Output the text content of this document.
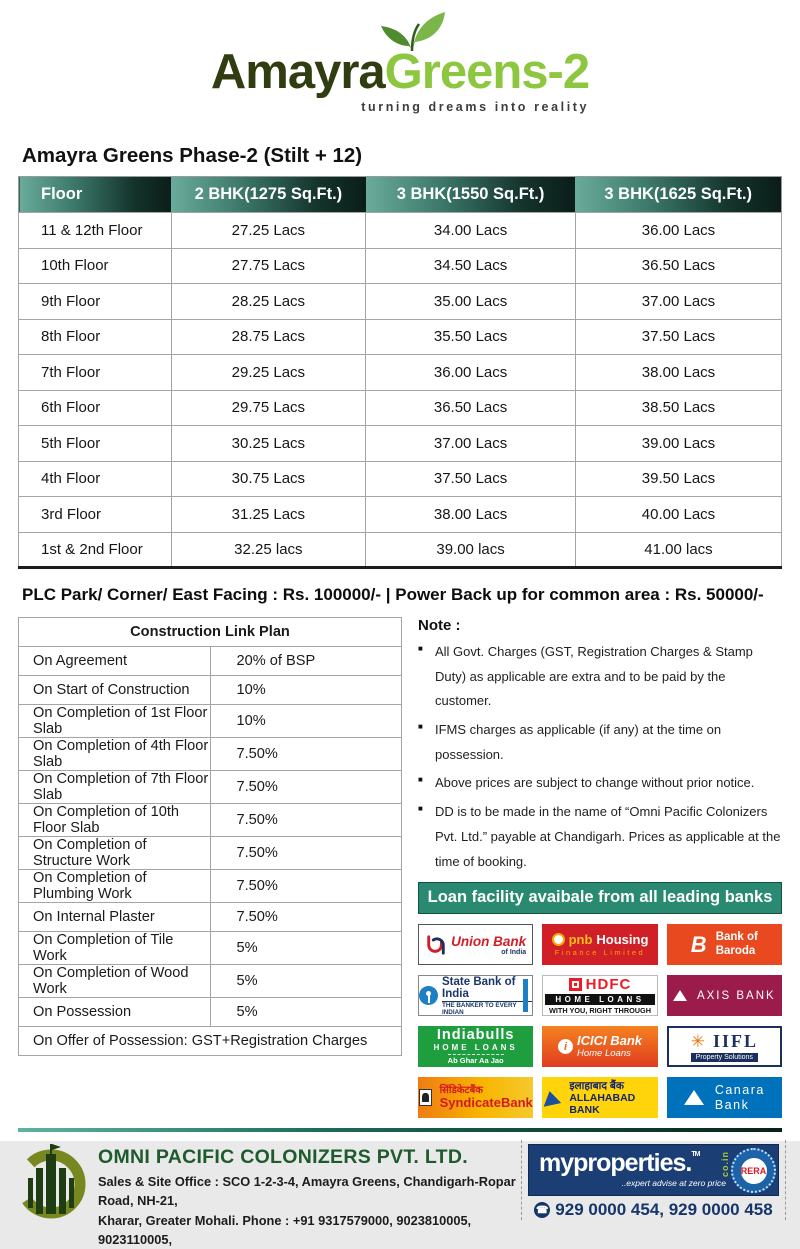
AmayraGreens-2
turning dreams into reality
Amayra Greens Phase-2 (Stilt + 12)
Floor	2 BHK(1275 Sq.Ft.)	3 BHK(1550 Sq.Ft.)	3 BHK(1625 Sq.Ft.)
11 & 12th Floor	27.25 Lacs	34.00 Lacs	36.00 Lacs
10th Floor	27.75 Lacs	34.50 Lacs	36.50 Lacs
9th Floor	28.25 Lacs	35.00 Lacs	37.00 Lacs
8th Floor	28.75 Lacs	35.50 Lacs	37.50 Lacs
7th Floor	29.25 Lacs	36.00 Lacs	38.00 Lacs
6th Floor	29.75 Lacs	36.50 Lacs	38.50 Lacs
5th Floor	30.25 Lacs	37.00 Lacs	39.00 Lacs
4th Floor	30.75 Lacs	37.50 Lacs	39.50 Lacs
3rd Floor	31.25 Lacs	38.00 Lacs	40.00 Lacs
1st & 2nd Floor	32.25 lacs	39.00 lacs	41.00 lacs
PLC Park/ Corner/ East Facing : Rs. 100000/- | Power Back up for common area : Rs. 50000/-
Construction Link Plan	
On Agreement	20% of BSP
On Start of Construction	10%
On Completion of 1st Floor Slab	10%
On Completion of 4th Floor Slab	7.50%
On Completion of 7th Floor Slab	7.50%
On Completion of 10th Floor Slab	7.50%
On Completion of Structure Work	7.50%
On Completion of Plumbing Work	7.50%
On Internal Plaster	7.50%
On Completion of Tile Work	5%
On Completion of Wood Work	5%
On Possession	5%
On Offer of Possession: GST+Registration Charges	
Note :
■ All Govt. Charges (GST, Registration Charges & Stamp Duty) as applicable are extra and to be paid by the customer.
■ IFMS charges as applicable (if any) at the time on possession.
■ Above prices are subject to change without prior notice.
■ DD is to be made in the name of “Omni Pacific Colonizers Pvt. Ltd.” payable at Chandigarh. Prices as applicable at the time of booking.
Loan facility avaibale from all leading banks
Union Bank
of India
pnb Housing
Finance Limited B Bank of
Baroda
State Bank of India
THE BANKER TO EVERY INDIAN
HDFC
HOME LOANS
WITH YOU, RIGHT THROUGH
AXIS BANK
Indiabulls
HOME LOANS
Ab Ghar Aa Jao
i ICICI Bank
Home Loans
✳ IIFL
Property Solutions
सिंडिकेटबैंक
SyndicateBank
इलाहाबाद बैंक
ALLAHABAD BANK
Canara
Bank
OMNI PACIFIC COLONIZERS PVT. LTD.
Sales & Site Office : SCO 1-2-3-4, Amayra Greens, Chandigarh-Ropar Road, NH-21,
Kharar, Greater Mohali. Phone : +91 9317579000, 9023810005, 9023110005,
myproperties.™	co.in
..expert advise at zero price
RERA
☎ 929 0000 454, 929 0000 458
